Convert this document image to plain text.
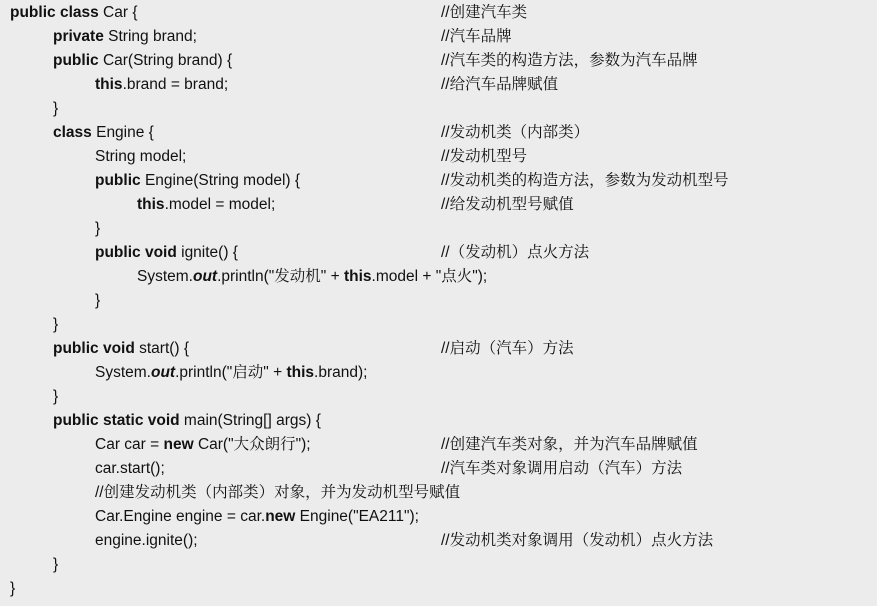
public class Car {	//创建汽车类
private String brand;	//汽车品牌
public Car(String brand) {	//汽车类的构造方法，参数为汽车品牌
this.brand = brand;	//给汽车品牌赋值
}
class Engine {	//发动机类（内部类）
String model;	//发动机型号
public Engine(String model) {	//发动机类的构造方法，参数为发动机型号
this.model = model;	//给发动机型号赋值
}
public void ignite() {	//（发动机）点火方法
System.out.println("发动机" + this.model + "点火");
}
}
public void start() {	//启动（汽车）方法
System.out.println("启动" + this.brand);
}
public static void main(String[] args) {
Car car = new Car("大众朗行");	//创建汽车类对象，并为汽车品牌赋值
car.start();	//汽车类对象调用启动（汽车）方法
//创建发动机类（内部类）对象，并为发动机型号赋值
Car.Engine engine = car.new Engine("EA211");
engine.ignite();	//发动机类对象调用（发动机）点火方法
}
}
